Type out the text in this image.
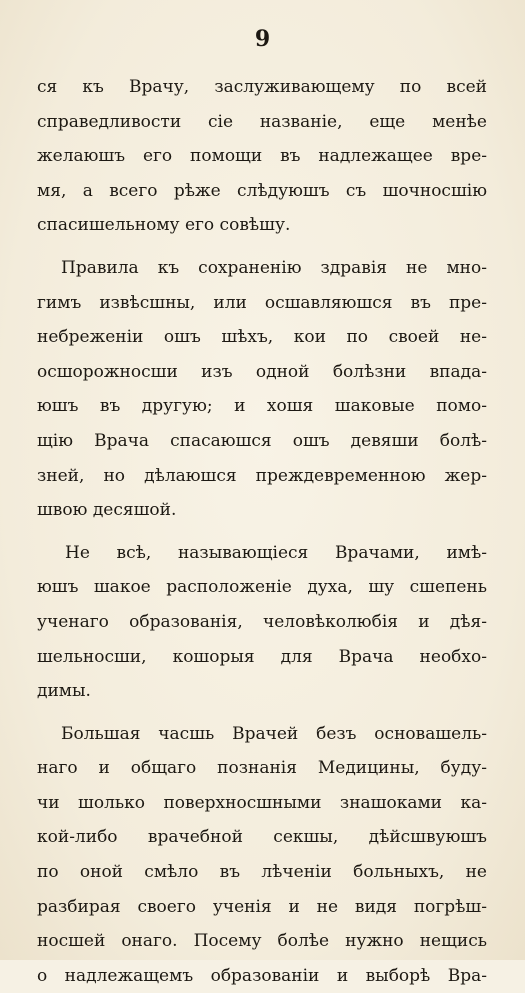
9
ся къ Врачу, заслуживающему по всей
справедливости сіе названіе, еще менѣе
желаюшъ его помощи въ надлежащее вре-
мя, а всего рѣже слѣдуюшъ съ шочносшію
спасишельному его совѣшу.
Правила къ сохраненію здравія не мно-
гимъ извѣсшны, или осшавляюшся въ пре-
небреженіи ошъ шѣхъ, кои по своей не-
осшорожносши изъ одной болѣзни впада-
юшъ въ другую; и хошя шаковые помо-
щію Врача спасаюшся ошъ девяши болѣ-
зней, но дѣлаюшся преждевременною жер-
швою десяшой.
Не всѣ, называющіеся Врачами, имѣ-
юшъ шакое расположеніе духа, шу сшепень
ученаго образованія, человѣколюбія и дѣя-
шельносши, кошорыя для Врача необхо-
димы.
Большая часшь Врачей безъ основашель-
наго и общаго познанія Медицины, буду-
чи шолько поверхносшными знашоками ка-
кой-либо врачебной секшы, дѣйсшвуюшъ
по оной смѣло въ лѣченіи больныхъ, не
разбирая своего ученія и не видя погрѣш-
носшей онаго. Посему болѣе нужно нещись
о надлежащемъ образованіи и выборѣ Вра-
